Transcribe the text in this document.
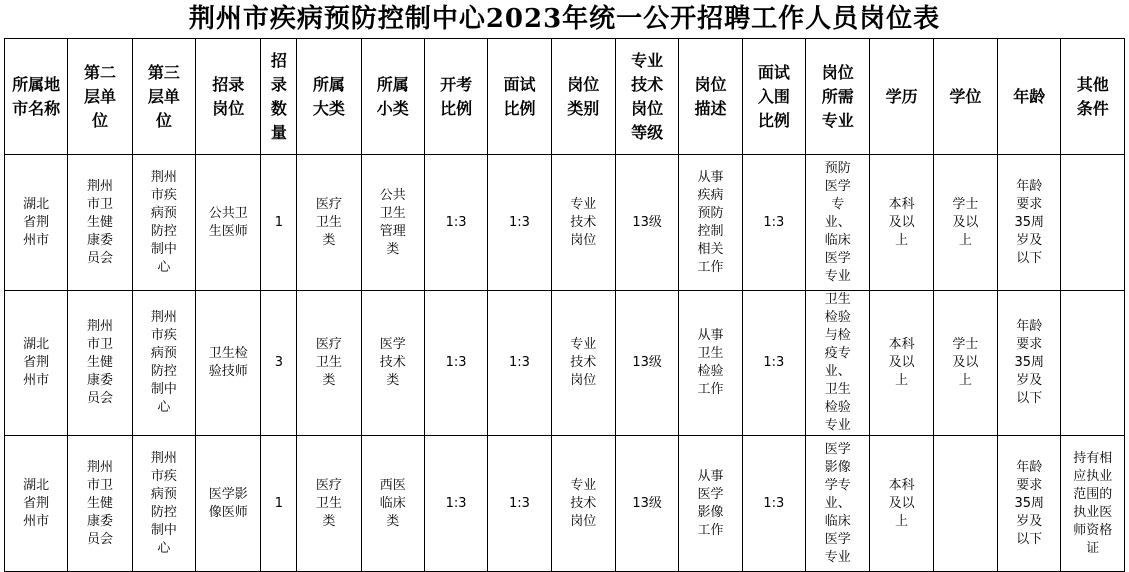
荆州市疾病预防控制中心2023年统一公开招聘工作人员岗位表
所属地市名称	第二层单位	第三层单位	招录岗位	招录数量	所属大类	所属小类	开考比例	面试比例	岗位类别	专业技术岗位等级	岗位描述	面试入围比例	岗位所需专业	学历	学位	年龄	其他条件

湖北省荆州市	荆州市卫生健康委员会	荆州市疾病预防控制中心	公共卫生医师	1	医疗卫生类	公共卫生管理类	1:3	1:3	专业技术岗位	13级	从事疾病预防控制相关工作	1:3	预防医学专业、临床医学专业	本科及以上	学士及以上	年龄要求35周岁及以下	

湖北省荆州市	荆州市卫生健康委员会	荆州市疾病预防控制中心	卫生检验技师	3	医疗卫生类	医学技术类	1:3	1:3	专业技术岗位	13级	从事卫生检验工作	1:3	卫生检验与检疫专业、卫生检验专业	本科及以上	学士及以上	年龄要求35周岁及以下	

湖北省荆州市	荆州市卫生健康委员会	荆州市疾病预防控制中心	医学影像医师	1	医疗卫生类	西医临床类	1:3	1:3	专业技术岗位	13级	从事医学影像工作	1:3	医学影像学专业、临床医学专业	本科及以上		年龄要求35周岁及以下	持有相应执业范围的执业医师资格证
